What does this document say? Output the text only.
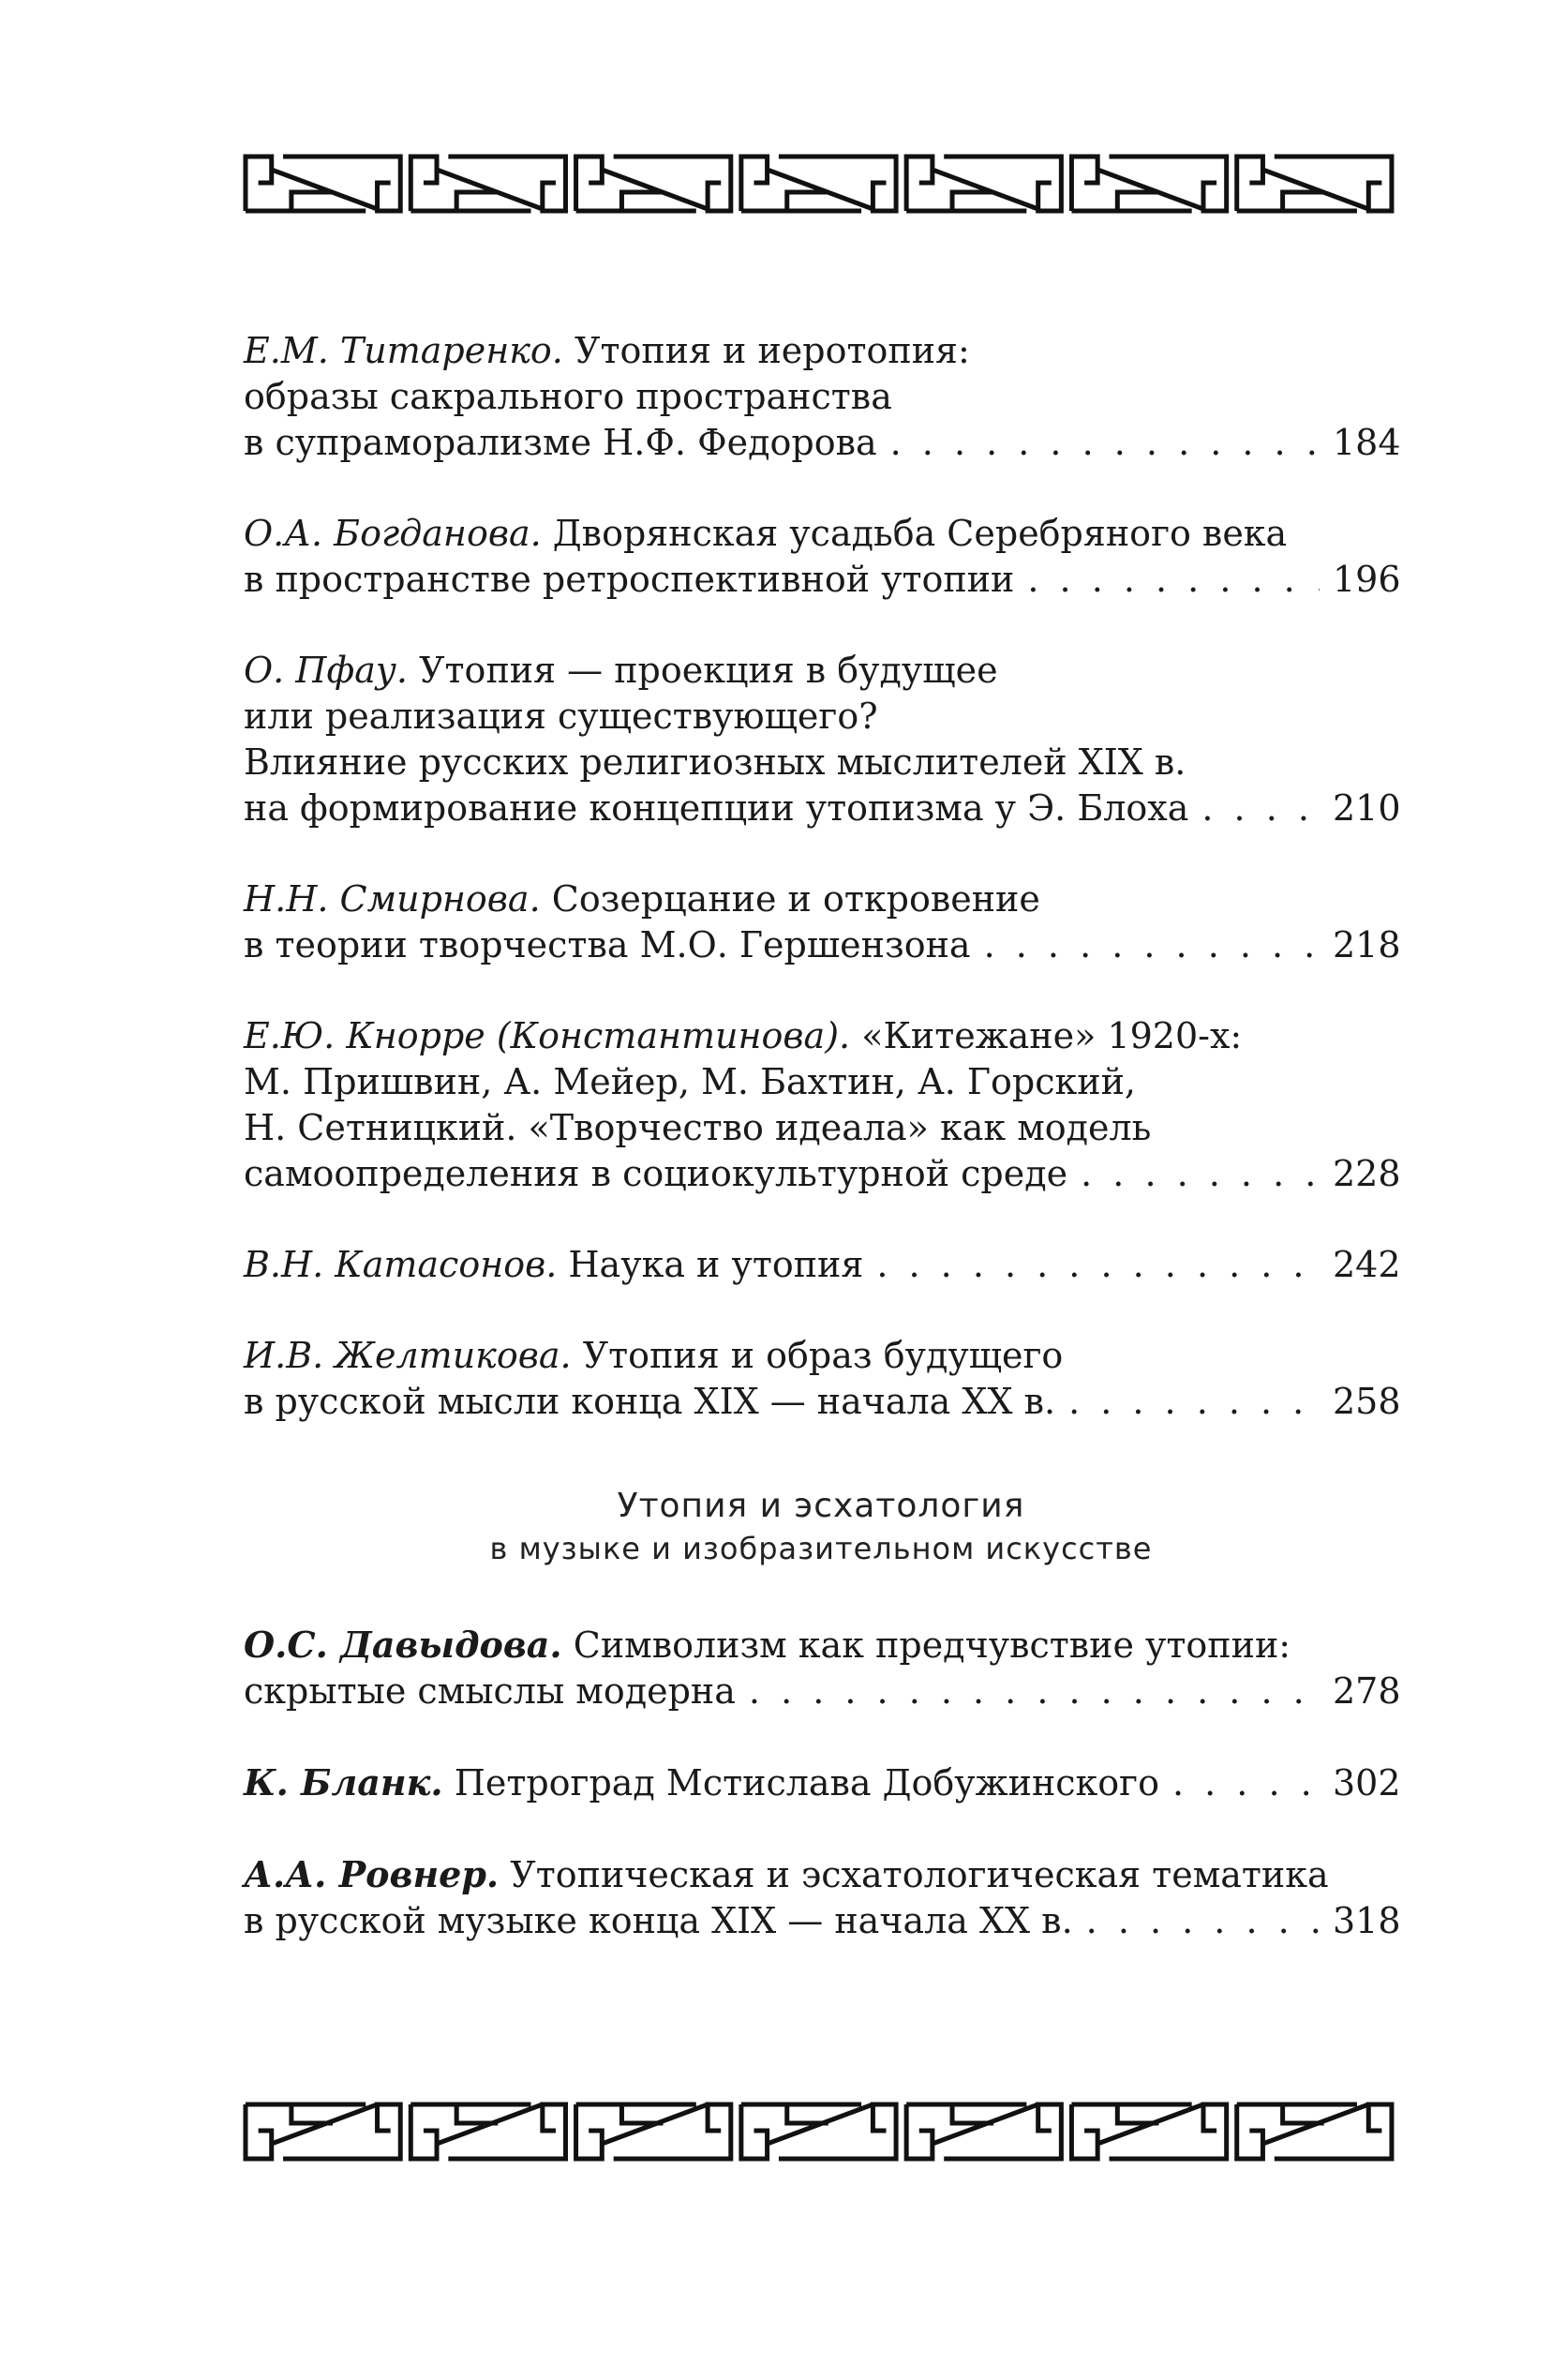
Е.М. Титаренко. Утопия и иеротопия:
образы сакрального пространства
в супраморализме Н.Ф. Федорова . . .	184
О.А. Богданова. Дворянская усадьба Серебряного века
в пространстве ретроспективной утопии . . .	196
О. Пфау. Утопия — проекция в будущее
или реализация существующего?
Влияние русских религиозных мыслителей XIX в.
на формирование концепции утопизма у Э. Блоха . . .	210
Н.Н. Смирнова. Созерцание и откровение
в теории творчества М.О. Гершензона . . .	218
Е.Ю. Кнорре (Константинова). «Китежане» 1920-х:
М. Пришвин, А. Мейер, М. Бахтин, А. Горский,
Н. Сетницкий. «Творчество идеала» как модель
самоопределения в социокультурной среде . . .	228
В.Н. Катасонов. Наука и утопия . . .	242
И.В. Желтикова. Утопия и образ будущего
в русской мысли конца XIX — начала XX в. . . .	258
Утопия и эсхатология
в музыке и изобразительном искусстве
О.С. Давыдова. Символизм как предчувствие утопии:
скрытые смыслы модерна . . .	278
К. Бланк. Петроград Мстислава Добужинского . . .	302
А.А. Ровнер. Утопическая и эсхатологическая тематика
в русской музыке конца XIX — начала XX в. . . .	318
